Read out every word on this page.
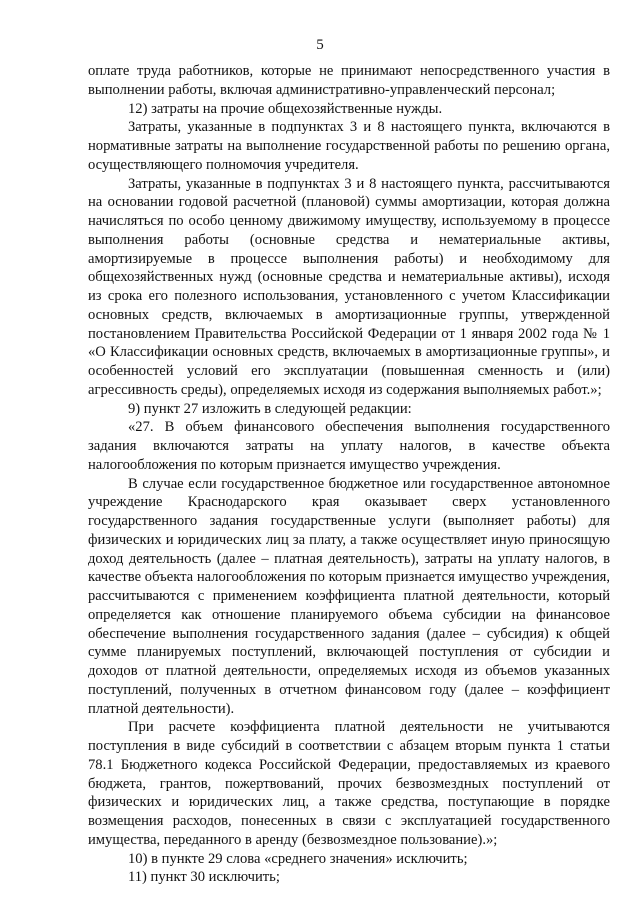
5

оплате труда работников, которые не принимают непосредственного участия в выполнении работы, включая административно-управленческий персонал;

12) затраты на прочие общехозяйственные нужды.

Затраты, указанные в подпунктах 3 и 8 настоящего пункта, включаются в нормативные затраты на выполнение государственной работы по решению органа, осуществляющего полномочия учредителя.

Затраты, указанные в подпунктах 3 и 8 настоящего пункта, рассчитываются на основании годовой расчетной (плановой) суммы амортизации, которая должна начисляться по особо ценному движимому имуществу, используемому в процессе выполнения работы (основные средства и нематериальные активы, амортизируемые в процессе выполнения работы) и необходимому для общехозяйственных нужд (основные средства и нематериальные активы), исходя из срока его полезного использования, установленного с учетом Классификации основных средств, включаемых в амортизационные группы, утвержденной постановлением Правительства Российской Федерации от 1 января 2002 года № 1 «О Классификации основных средств, включаемых в амортизационные группы», и особенностей условий его эксплуатации (повышенная сменность и (или) агрессивность среды), определяемых исходя из содержания выполняемых работ.»;

9) пункт 27 изложить в следующей редакции:

«27. В объем финансового обеспечения выполнения государственного задания включаются затраты на уплату налогов, в качестве объекта налогообложения по которым признается имущество учреждения.

В случае если государственное бюджетное или государственное автономное учреждение Краснодарского края оказывает сверх установленного государственного задания государственные услуги (выполняет работы) для физических и юридических лиц за плату, а также осуществляет иную приносящую доход деятельность (далее – платная деятельность), затраты на уплату налогов, в качестве объекта налогообложения по которым признается имущество учреждения, рассчитываются с применением коэффициента платной деятельности, который определяется как отношение планируемого объема субсидии на финансовое обеспечение выполнения государственного задания (далее – субсидия) к общей сумме планируемых поступлений, включающей поступления от субсидии и доходов от платной деятельности, определяемых исходя из объемов указанных поступлений, полученных в отчетном финансовом году (далее – коэффициент платной деятельности).

При расчете коэффициента платной деятельности не учитываются поступления в виде субсидий в соответствии с абзацем вторым пункта 1 статьи 78.1 Бюджетного кодекса Российской Федерации, предоставляемых из краевого бюджета, грантов, пожертвований, прочих безвозмездных поступлений от физических и юридических лиц, а также средства, поступающие в порядке возмещения расходов, понесенных в связи с эксплуатацией государственного имущества, переданного в аренду (безвозмездное пользование).»;

10) в пункте 29 слова «среднего значения» исключить;

11) пункт 30 исключить;
